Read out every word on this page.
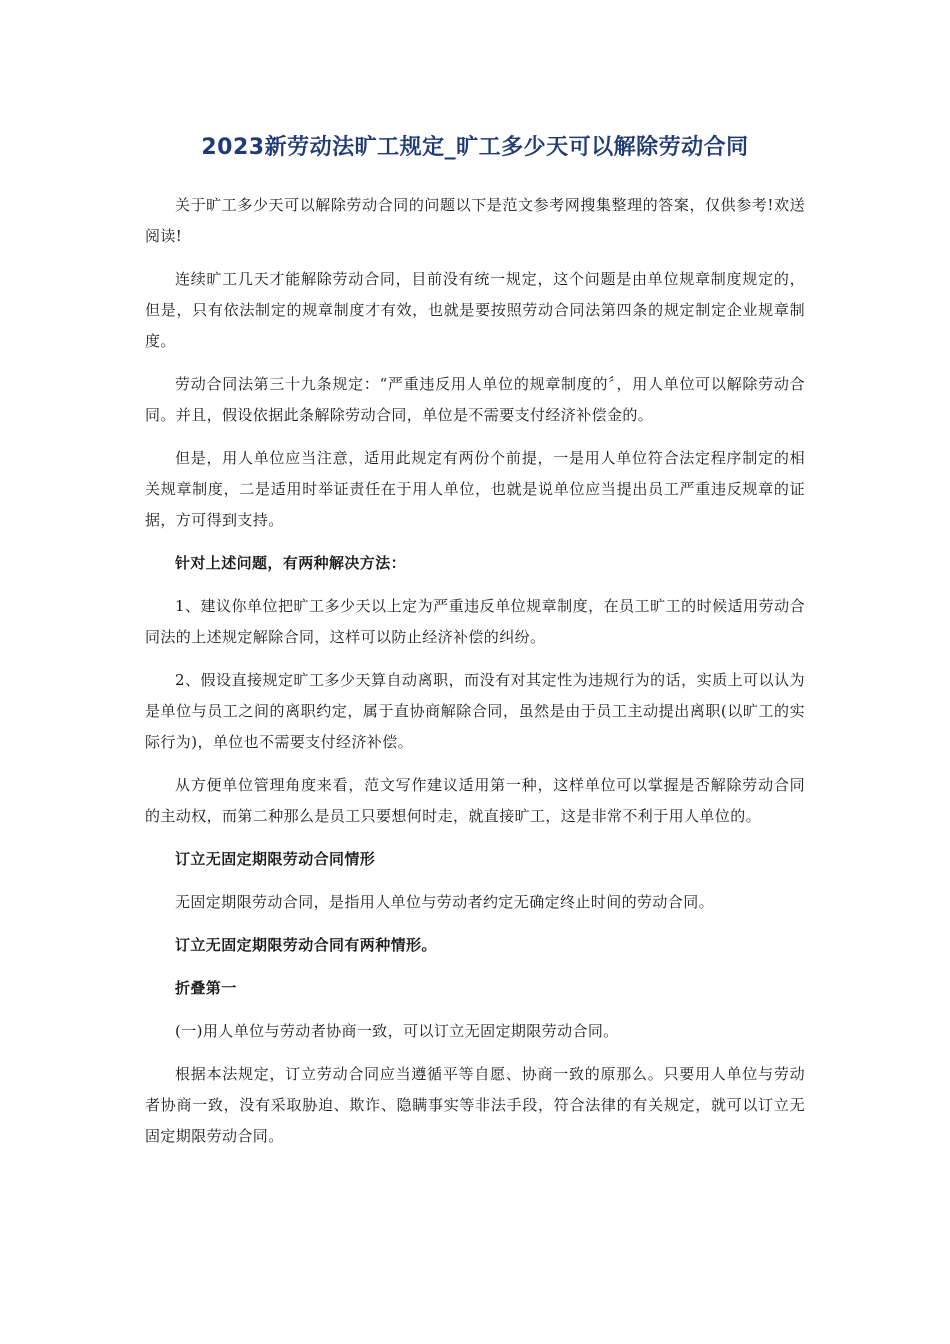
2023新劳动法旷工规定_旷工多少天可以解除劳动合同

关于旷工多少天可以解除劳动合同的问题以下是范文参考网搜集整理的答案，仅供参考!欢送阅读!

连续旷工几天才能解除劳动合同，目前没有统一规定，这个问题是由单位规章制度规定的，但是，只有依法制定的规章制度才有效，也就是要按照劳动合同法第四条的规定制定企业规章制度。

劳动合同法第三十九条规定：“严重违反用人单位的规章制度的〞，用人单位可以解除劳动合同。并且，假设依据此条解除劳动合同，单位是不需要支付经济补偿金的。

但是，用人单位应当注意，适用此规定有两份个前提，一是用人单位符合法定程序制定的相关规章制度，二是适用时举证责任在于用人单位，也就是说单位应当提出员工严重违反规章的证据，方可得到支持。

针对上述问题，有两种解决方法：

1、建议你单位把旷工多少天以上定为严重违反单位规章制度，在员工旷工的时候适用劳动合同法的上述规定解除合同，这样可以防止经济补偿的纠纷。

2、假设直接规定旷工多少天算自动离职，而没有对其定性为违规行为的话，实质上可以认为是单位与员工之间的离职约定，属于直协商解除合同，虽然是由于员工主动提出离职(以旷工的实际行为)，单位也不需要支付经济补偿。

从方便单位管理角度来看，范文写作建议适用第一种，这样单位可以掌握是否解除劳动合同的主动权，而第二种那么是员工只要想何时走，就直接旷工，这是非常不利于用人单位的。

订立无固定期限劳动合同情形

无固定期限劳动合同，是指用人单位与劳动者约定无确定终止时间的劳动合同。

订立无固定期限劳动合同有两种情形。

折叠第一

(一)用人单位与劳动者协商一致，可以订立无固定期限劳动合同。

根据本法规定，订立劳动合同应当遵循平等自愿、协商一致的原那么。只要用人单位与劳动者协商一致，没有采取胁迫、欺诈、隐瞒事实等非法手段，符合法律的有关规定，就可以订立无固定期限劳动合同。
